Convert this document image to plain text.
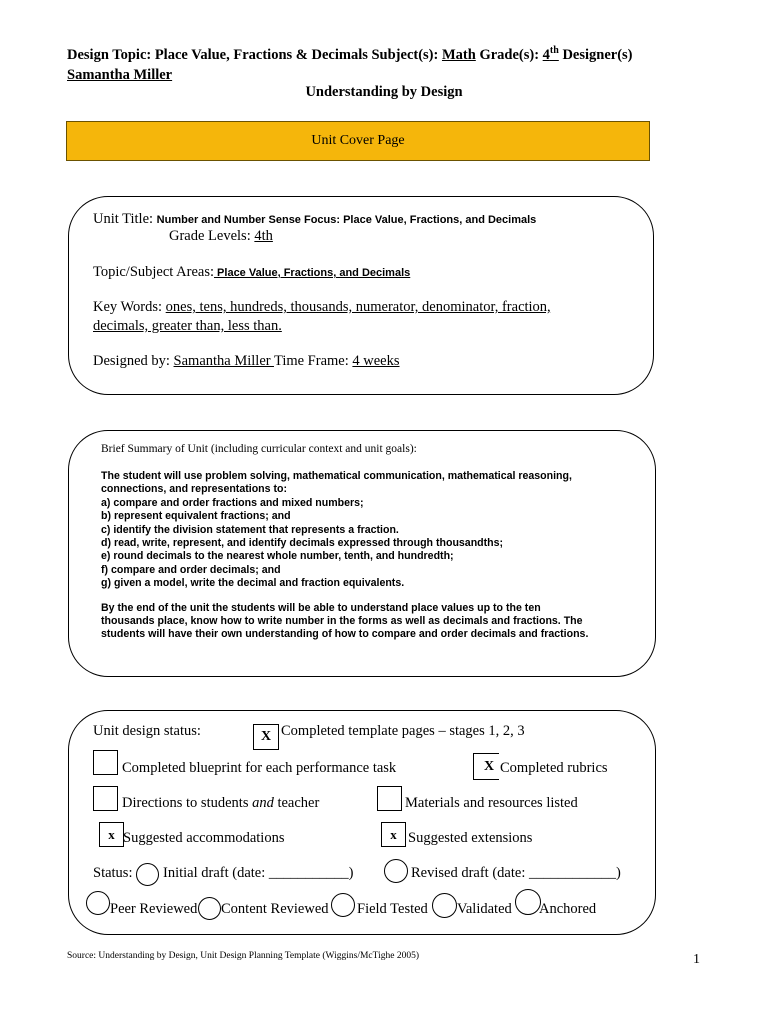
Design Topic: Place Value, Fractions & Decimals Subject(s): Math Grade(s): 4th Designer(s)
Samantha Miller
Understanding by Design
Unit Cover Page
Unit Title: Number and Number Sense Focus: Place Value, Fractions, and Decimals
Grade Levels: 4th
Topic/Subject Areas: Place Value, Fractions, and Decimals
Key Words: ones, tens, hundreds, thousands, numerator, denominator, fraction,
decimals, greater than, less than.
Designed by: Samantha Miller Time Frame: 4 weeks
Brief Summary of Unit (including curricular context and unit goals):

The student will use problem solving, mathematical communication, mathematical reasoning,
connections, and representations to:
a) compare and order fractions and mixed numbers;
b) represent equivalent fractions; and
c) identify the division statement that represents a fraction.
d) read, write, represent, and identify decimals expressed through thousandths;
e) round decimals to the nearest whole number, tenth, and hundredth;
f) compare and order decimals; and
g) given a model, write the decimal and fraction equivalents.

By the end of the unit the students will be able to understand place values up to the ten
thousands place, know how to write number in the forms as well as decimals and fractions. The
students will have their own understanding of how to compare and order decimals and fractions.

Unit design status:	X Completed template pages – stages 1, 2, 3
Completed blueprint for each performance task	X Completed rubrics
Directions to students and teacher	Materials and resources listed
x Suggested accommodations	x Suggested extensions
Status: Initial draft (date: ___________)	Revised draft (date: ____________)
Peer Reviewed Content Reviewed Field Tested Validated Anchored
Source: Understanding by Design, Unit Design Planning Template (Wiggins/McTighe 2005)	1
